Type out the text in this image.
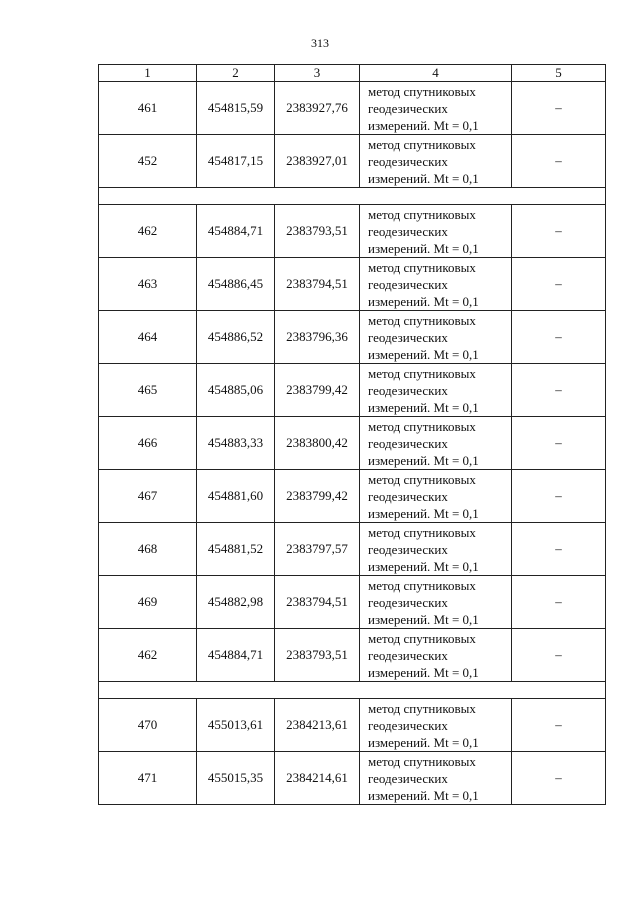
313
1	2	3	4	5
461	454815,59	2383927,76	метод спутниковых
геодезических
измерений. Mt = 0,1	–
452	454817,15	2383927,01	метод спутниковых
геодезических
измерений. Mt = 0,1	–

462	454884,71	2383793,51	метод спутниковых
геодезических
измерений. Mt = 0,1	–
463	454886,45	2383794,51	метод спутниковых
геодезических
измерений. Mt = 0,1	–
464	454886,52	2383796,36	метод спутниковых
геодезических
измерений. Mt = 0,1	–
465	454885,06	2383799,42	метод спутниковых
геодезических
измерений. Mt = 0,1	–
466	454883,33	2383800,42	метод спутниковых
геодезических
измерений. Mt = 0,1	–
467	454881,60	2383799,42	метод спутниковых
геодезических
измерений. Mt = 0,1	–
468	454881,52	2383797,57	метод спутниковых
геодезических
измерений. Mt = 0,1	–
469	454882,98	2383794,51	метод спутниковых
геодезических
измерений. Mt = 0,1	–
462	454884,71	2383793,51	метод спутниковых
геодезических
измерений. Mt = 0,1	–

470	455013,61	2384213,61	метод спутниковых
геодезических
измерений. Mt = 0,1	–
471	455015,35	2384214,61	метод спутниковых
геодезических
измерений. Mt = 0,1	–
